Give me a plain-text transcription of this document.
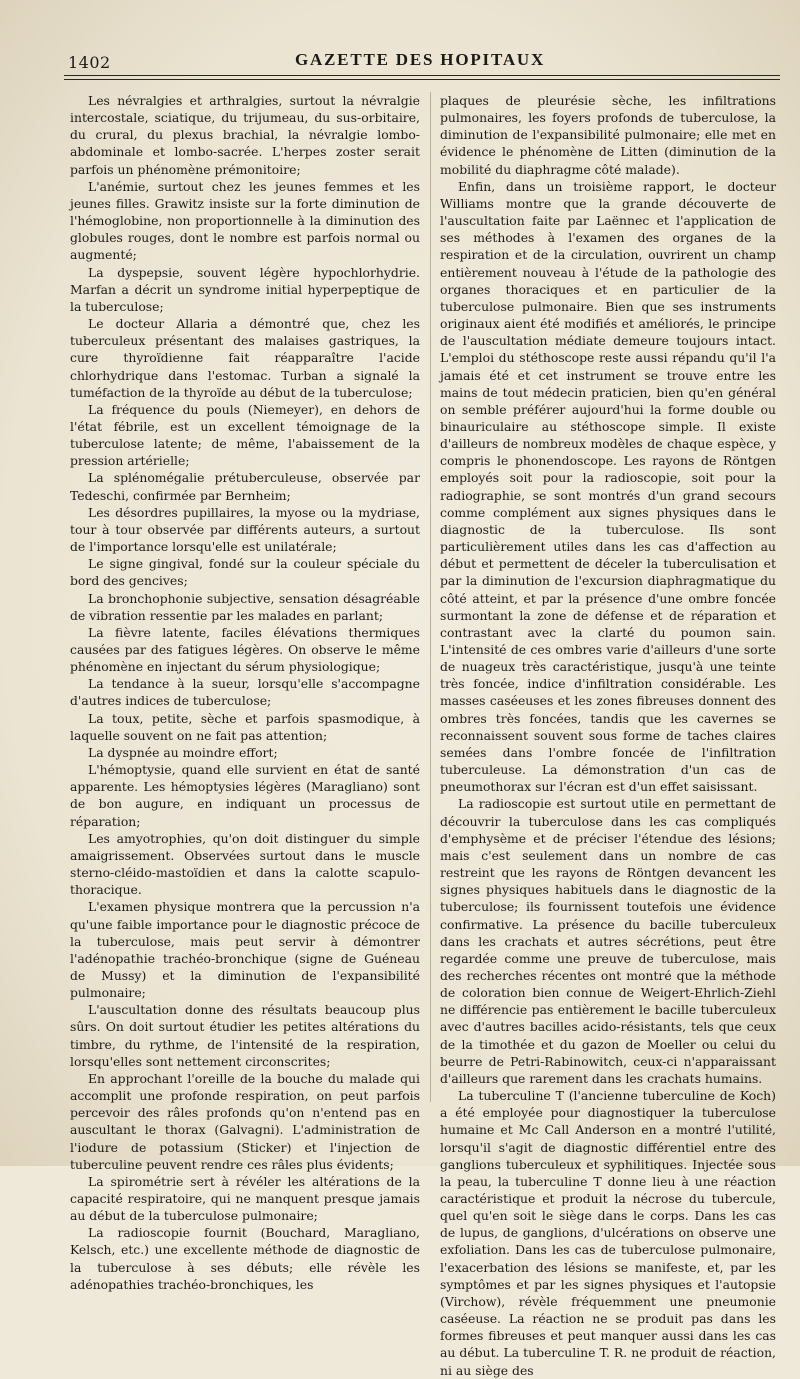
1402	GAZETTE DES HOPITAUX

Les névralgies et arthralgies, surtout la névralgie intercostale, sciatique, du trijumeau, du sus-orbitaire, du crural, du plexus brachial, la névralgie lombo-abdominale et lombo-sacrée. L'herpes zoster serait parfois un phénomène prémonitoire;

L'anémie, surtout chez les jeunes femmes et les jeunes filles. Grawitz insiste sur la forte diminution de l'hémoglobine, non proportionnelle à la diminution des globules rouges, dont le nombre est parfois normal ou augmenté;

La dyspepsie, souvent légère hypochlorhydrie. Marfan a décrit un syndrome initial hyperpeptique de la tuberculose;

Le docteur Allaria a démontré que, chez les tuberculeux présentant des malaises gastriques, la cure thyroïdienne fait réapparaître l'acide chlorhydrique dans l'estomac. Turban a signalé la tuméfaction de la thyroïde au début de la tuberculose;

La fréquence du pouls (Niemeyer), en dehors de l'état fébrile, est un excellent témoignage de la tuberculose latente; de même, l'abaissement de la pression artérielle;

La splénomégalie prétuberculeuse, observée par Tedeschi, confirmée par Bernheim;

Les désordres pupillaires, la myose ou la mydriase, tour à tour observée par différents auteurs, a surtout de l'importance lorsqu'elle est unilatérale;

Le signe gingival, fondé sur la couleur spéciale du bord des gencives;

La bronchophonie subjective, sensation désagréable de vibration ressentie par les malades en parlant;

La fièvre latente, faciles élévations thermiques causées par des fatigues légères. On observe le même phénomène en injectant du sérum physiologique;

La tendance à la sueur, lorsqu'elle s'accompagne d'autres indices de tuberculose;

La toux, petite, sèche et parfois spasmodique, à laquelle souvent on ne fait pas attention;

La dyspnée au moindre effort;

L'hémoptysie, quand elle survient en état de santé apparente. Les hémoptysies légères (Maragliano) sont de bon augure, en indiquant un processus de réparation;

Les amyotrophies, qu'on doit distinguer du simple amaigrissement. Observées surtout dans le muscle sterno-cléido-mastoïdien et dans la calotte scapulo-thoracique.

L'examen physique montrera que la percussion n'a qu'une faible importance pour le diagnostic précoce de la tuberculose, mais peut servir à démontrer l'adénopathie trachéo-bronchique (signe de Guéneau de Mussy) et la diminution de l'expansibilité pulmonaire;

L'auscultation donne des résultats beaucoup plus sûrs. On doit surtout étudier les petites altérations du timbre, du rythme, de l'intensité de la respiration, lorsqu'elles sont nettement circonscrites;

En approchant l'oreille de la bouche du malade qui accomplit une profonde respiration, on peut parfois percevoir des râles profonds qu'on n'entend pas en auscultant le thorax (Galvagni). L'administration de l'iodure de potassium (Sticker) et l'injection de tuberculine peuvent rendre ces râles plus évidents;

La spirométrie sert à révéler les altérations de la capacité respiratoire, qui ne manquent presque jamais au début de la tuberculose pulmonaire;

La radioscopie fournit (Bouchard, Maragliano, Kelsch, etc.) une excellente méthode de diagnostic de la tuberculose à ses débuts; elle révèle les adénopathies trachéo-bronchiques, les

plaques de pleurésie sèche, les infiltrations pulmonaires, les foyers profonds de tuberculose, la diminution de l'expansibilité pulmonaire; elle met en évidence le phénomène de Litten (diminution de la mobilité du diaphragme côté malade).

Enfin, dans un troisième rapport, le docteur Williams montre que la grande découverte de l'auscultation faite par Laënnec et l'application de ses méthodes à l'examen des organes de la respiration et de la circulation, ouvrirent un champ entièrement nouveau à l'étude de la pathologie des organes thoraciques et en particulier de la tuberculose pulmonaire. Bien que ses instruments originaux aient été modifiés et améliorés, le principe de l'auscultation médiate demeure toujours intact. L'emploi du stéthoscope reste aussi répandu qu'il l'a jamais été et cet instrument se trouve entre les mains de tout médecin praticien, bien qu'en général on semble préférer aujourd'hui la forme double ou binauriculaire au stéthoscope simple. Il existe d'ailleurs de nombreux modèles de chaque espèce, y compris le phonendoscope. Les rayons de Röntgen employés soit pour la radioscopie, soit pour la radiographie, se sont montrés d'un grand secours comme complément aux signes physiques dans le diagnostic de la tuberculose. Ils sont particulièrement utiles dans les cas d'affection au début et permettent de déceler la tuberculisation et par la diminution de l'excursion diaphragmatique du côté atteint, et par la présence d'une ombre foncée surmontant la zone de défense et de réparation et contrastant avec la clarté du poumon sain. L'intensité de ces ombres varie d'ailleurs d'une sorte de nuageux très caractéristique, jusqu'à une teinte très foncée, indice d'infiltration considérable. Les masses caséeuses et les zones fibreuses donnent des ombres très foncées, tandis que les cavernes se reconnaissent souvent sous forme de taches claires semées dans l'ombre foncée de l'infiltration tuberculeuse. La démonstration d'un cas de pneumothorax sur l'écran est d'un effet saisissant.

La radioscopie est surtout utile en permettant de découvrir la tuberculose dans les cas compliqués d'emphysème et de préciser l'étendue des lésions; mais c'est seulement dans un nombre de cas restreint que les rayons de Röntgen devancent les signes physiques habituels dans le diagnostic de la tuberculose; ils fournissent toutefois une évidence confirmative. La présence du bacille tuberculeux dans les crachats et autres sécrétions, peut être regardée comme une preuve de tuberculose, mais des recherches récentes ont montré que la méthode de coloration bien connue de Weigert-Ehrlich-Ziehl ne différencie pas entièrement le bacille tuberculeux avec d'autres bacilles acido-résistants, tels que ceux de la timothée et du gazon de Moeller ou celui du beurre de Petri-Rabinowitch, ceux-ci n'apparaissant d'ailleurs que rarement dans les crachats humains.

La tuberculine T (l'ancienne tuberculine de Koch) a été employée pour diagnostiquer la tuberculose humaine et Mc Call Anderson en a montré l'utilité, lorsqu'il s'agit de diagnostic différentiel entre des ganglions tuberculeux et syphilitiques. Injectée sous la peau, la tuberculine T donne lieu à une réaction caractéristique et produit la nécrose du tubercule, quel qu'en soit le siège dans le corps. Dans les cas de lupus, de ganglions, d'ulcérations on observe une exfoliation. Dans les cas de tuberculose pulmonaire, l'exacerbation des lésions se manifeste, et, par les symptômes et par les signes physiques et l'autopsie (Virchow), révèle fréquemment une pneumonie caséeuse. La réaction ne se produit pas dans les formes fibreuses et peut manquer aussi dans les cas au début. La tuberculine T. R. ne produit de réaction, ni au siège des
